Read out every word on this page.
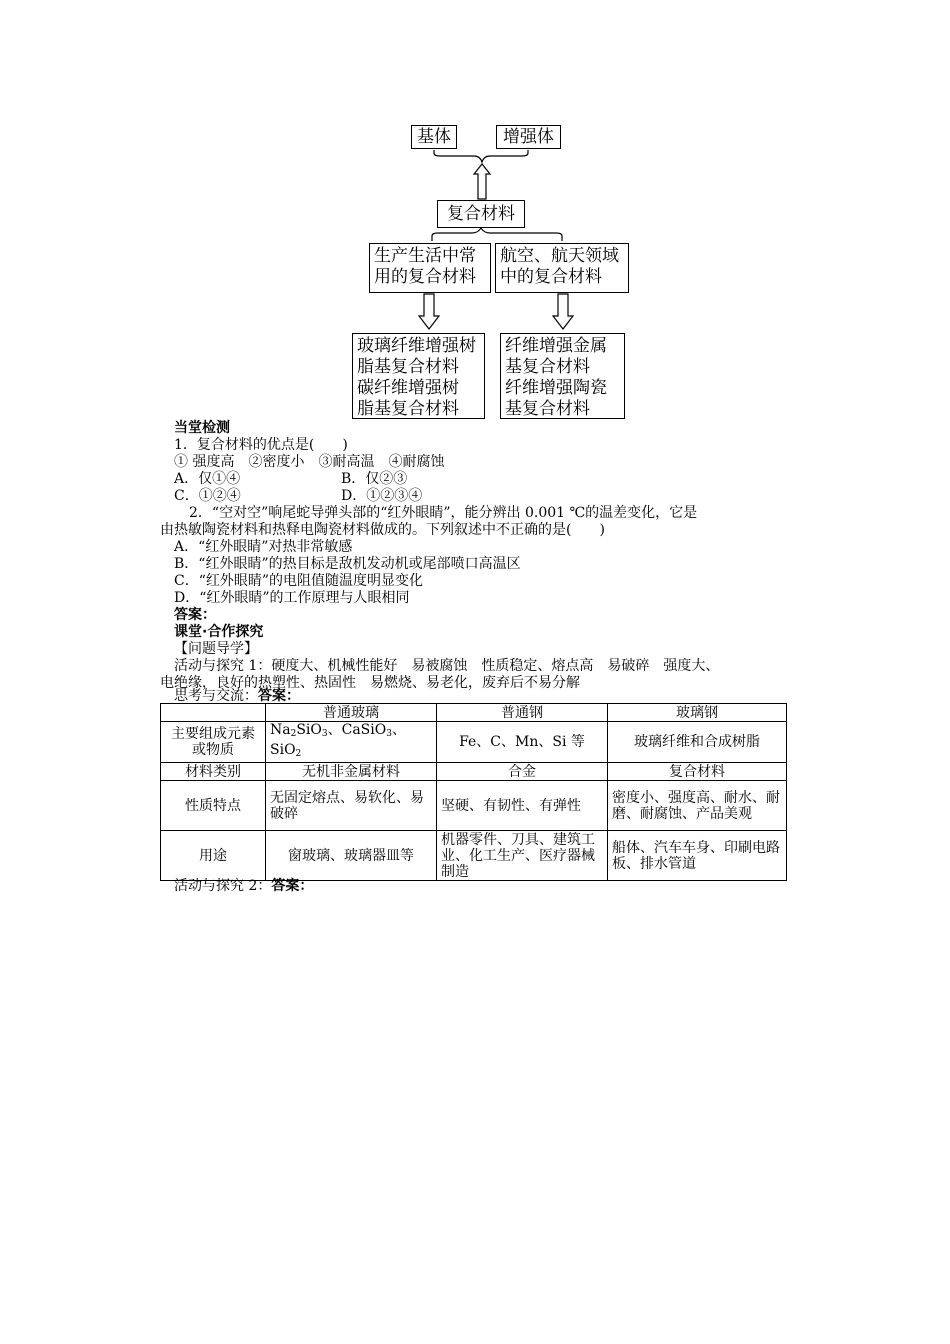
基体	增强体
复合材料
生产生活中常
用的复合材料
航空、航天领域
中的复合材料
玻璃纤维增强树
脂基复合材料
碳纤维增强树
脂基复合材料
纤维增强金属
基复合材料
纤维增强陶瓷
基复合材料
当堂检测
1．复合材料的优点是(　　)
① 强度高　②密度小　③耐高温　④耐腐蚀
A．仅①④	B．仅②③
C．①②④	D．①②③④
2．“空对空”响尾蛇导弹头部的“红外眼睛”，能分辨出 0.001 ℃的温差变化，它是
由热敏陶瓷材料和热释电陶瓷材料做成的。下列叙述中不正确的是(　　)
A．“红外眼睛”对热非常敏感
B．“红外眼睛”的热目标是敌机发动机或尾部喷口高温区
C．“红外眼睛”的电阻值随温度明显变化
D．“红外眼睛”的工作原理与人眼相同
答案：
课堂·合作探究
【问题导学】
活动与探究 1：硬度大、机械性能好　易被腐蚀　性质稳定、熔点高　易破碎　强度大、
电绝缘，良好的热塑性、热固性　易燃烧、易老化，废弃后不易分解
思考与交流：答案：
	普通玻璃	普通钢	玻璃钢
主要组成元素或物质	$Na_2SiO_3$、CaSiO$_3$、SiO$_2$	Fe、C、Mn、Si 等	玻璃纤维和合成树脂
材料类别	无机非金属材料	合金	复合材料
性质特点	无固定熔点、易软化、易破碎	坚硬、有韧性、有弹性	密度小、强度高、耐水、耐磨、耐腐蚀、产品美观
用途	窗玻璃、玻璃器皿等	机器零件、刀具、建筑工业、化工生产、医疗器械制造	船体、汽车车身、印刷电路板、排水管道
活动与探究 2：答案：
